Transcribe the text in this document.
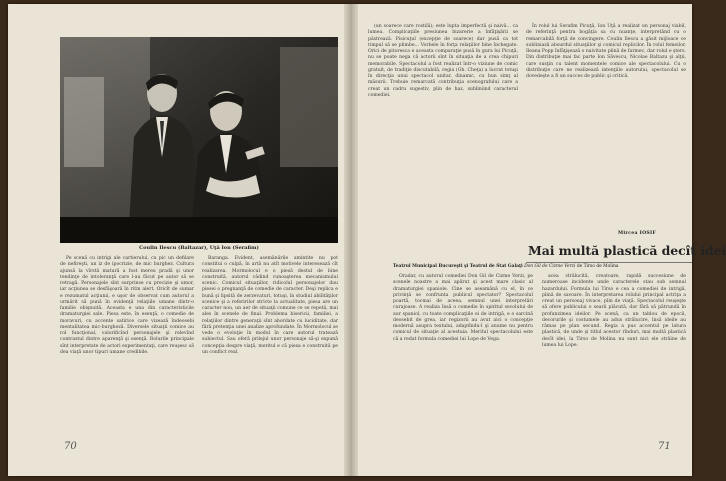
Coulin Ilescu (Baltazar), Uţă Ion (Serafim)

Pe scenă cu intrigi ale cartierului, cu pic un defilare de nefireşti, un iz de ipocrizie, de mic burghez. Cultura ajunsă la vîrstă matură a fost mereu pradă şi unor tendinţe de intoleranţă care l-au făcut pe autor să se retragă. Personajele sînt surprinse cu precizie şi umor, iar acţiunea se desfăşoară în ritm alert. Oricît de sumar e rezumatul acţiunii, e uşor de observat cum autorul a urmărit să pună în evidenţă relaţiile umane dintr-o familie obişnuită. Aceasta e una din caracteristicile dramaturgiei sale. Piesa este, în esenţă, o comedie de moravuri, cu accente satirice care vizează îndeosebi mentalitatea mic-burgheză. Diversele situaţii comice au rol funcţional, valorificînd personajele şi relevînd contrastul dintre aparenţă şi esenţă. Rolurile principale sînt interpretate de actori experimentaţi, care reuşesc să dea viaţă unor tipuri umane credibile.

Baranga. Evident, asemănările amintite nu pot constitui o culpă, în artă nu atît motivele interesează cît realizarea. Mormolocul e o piesă destul de bine construită, autorul vădind cunoaşterea mecanismului scenic. Comicul situaţiilor, ridicolul personajelor dau piesei o pregnanţă de comedie de caracter. Deşi replica e bună şi lipsită de zerzevaturi, totuşi, în studiul abilităţilor scenice şi a referirilor stricte la actualitate, piesa are un caracter nou, un aer de situaţii comune ce se repetă, mai ales în scenele de final. Problema bisericii, familiei, a relaţiilor dintre generaţii sînt abordate cu luciditate, dar fără pretenţia unei analize aprofundate. În Mormolocul se vede o evoluţie în modul în care autorul tratează subiectul. Sau oferă prilejul unor personaje să-şi expună concepţia despre viaţă, meritul e că piesa e construită pe un conflict real.

70

(un soarece care rostilă); este lupta imperfectă şi naivă... ca lumea. Complicaţiile presiunea bizarerie a înfăţişării se păstrează. Pisicuţul (excepţie de soarece) dar pusă ca tot timpul să se plimbe... Vorbele în forţa relaţiilor bine închegate. Orici de pitoresca e aceasta comparaţie pusă în gura lui Picuţă, nu se poate nega că actorii sînt în situaţia de a crea chipuri memorabile. Spectacolul a fost realizat într-o viziune de comic gratuit, de tradiţie discutabilă, regia (Gh. Cheţa) a lucrat totuşi în direcţia unui spectacol unitar, dinamic, cu bun simţ al măsurii. Trebuie remarcată contribuţia scenografului care a creat un cadru sugestiv, plin de haz, subliniind caracterul comediei.

În rolul lui Serafim Picuţă, Ion Uţă a realizat un personaj viabil, de referinţă pentru bogăţia sa cu nuanţe, interpretând cu o remarcabilă forţă de convingere. Coulin Ilescu a găsit mijloace ce subliniază absurdul situaţiilor şi comicul replicilor. În rolul femeilor, Ileana Popp înfăţişează o naivitate plină de farmec, dar rolul e şters. Din distribuţie mai fac parte Ion Săvescu, Nicolae Baltazu şi alţii, care susţin cu talent momentele comice ale spectacolului. Cu o distribuţie care ne realizează intenţiile autorului, spectacolul se dovedeşte a fi un succes de public şi critică.

Mircea IOSIF
Mai multă plastică decît idei
Teatrul Municipal Bucureşti şi Teatrul de Stat Galaţi Don Gil de Cizme Verzi de Tirso de Molina

Oradar, cu autorul comediei Don Gil de Cizme Verzi, pe scenele noastre a mai apărut şi acest mare clasic al dramaturgiei spaniole. Cine se aseamănă cu el, în ce privinţă se confrunta publicul spectator? Spectacolul poartă, tocmai de aceea, semnul unei interpretări curajoase. A realiza însă o comedie în spiritul secolului de aur spaniol, cu toate complicaţiile ei de intrigă, e o sarcină deosebit de grea, iar regizorii au avut aici o concepţie modernă asupra textului, adaptîndu-l şi anume nu pentru comicul de situaţie al acestuia. Meritul spectacolului este că a redat formula comediei lui Lope de Vega.

acea strălucită, creatoare, rapidă succesiune de numeroase incidente unde caracterele stau sub semnul hazardului. Formula lui Tirso e cea a comediei de intrigă, plină de savoare. În interpretarea rolului principal actriţa a creat un personaj vivace, plin de viaţă. Spectacolul reuşeşte să ofere publicului o seară plăcută, dar fără să pătrundă în profunzimea ideilor. Pe scenă, ca un tablou de epocă, decorurile şi costumele au adus strălucire, însă ideile au rămas pe plan secund. Regia a pus accentul pe latura plastică, de unde şi titlul acestor rînduri, mai multă plastică decît idei, la Tirso de Molina nu sunt nici ele străine de lumea lui Lope.

71
